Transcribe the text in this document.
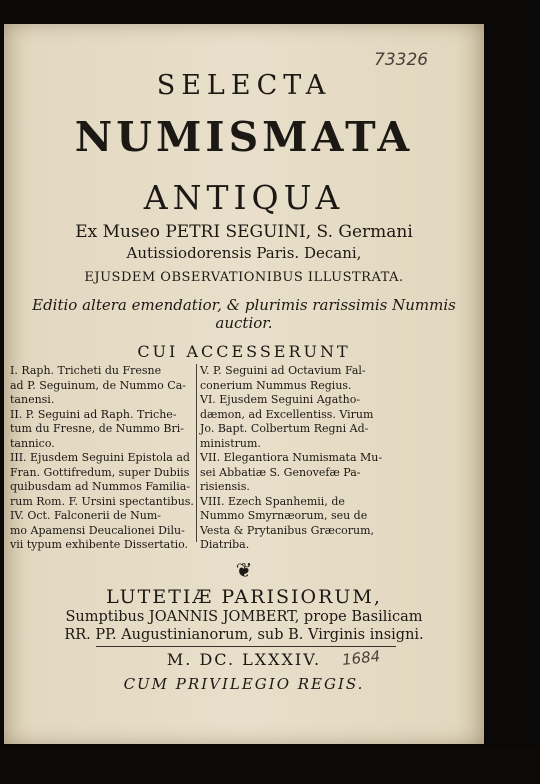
73326
SELECTA
NUMISMATA
ANTIQUA
Ex Museo PETRI SEGUINI, S. Germani
Autissiodorensis Paris. Decani,
EJUSDEM OBSERVATIONIBUS ILLUSTRATA.
Editio altera emendatior, & plurimis rarissimis Nummis
auctior.
CUI ACCESSERUNT
I. Raph. Tricheti du Fresne
ad P. Seguinum, de Nummo Ca-
tanensi.
II. P. Seguini ad Raph. Triche-
tum du Fresne, de Nummo Bri-
tannico.
III. Ejusdem Seguini Epistola ad
Fran. Gottifredum, super Dubiis
quibusdam ad Nummos Familia-
rum Rom. F. Ursini spectantibus.
IV. Oct. Falconerii de Num-
mo Apamensi Deucalionei Dilu-
vii typum exhibente Dissertatio.
V. P. Seguini ad Octavium Fal-
conerium Nummus Regius.
VI. Ejusdem Seguini Agatho-
dæmon, ad Excellentiss. Virum
Jo. Bapt. Colbertum Regni Ad-
ministrum.
VII. Elegantiora Numismata Mu-
sei Abbatiæ S. Genovefæ Pa-
risiensis.
VIII. Ezech Spanhemii, de
Nummo Smyrnæorum, seu de
Vesta & Prytanibus Græcorum,
Diatriba.
❦
LUTETIÆ PARISIORUM,
Sumptibus JOANNIS JOMBERT, prope Basilicam
RR. PP. Augustinianorum, sub B. Virginis insigni.
M. DC. LXXXIV.	1684
CUM PRIVILEGIO REGIS.
